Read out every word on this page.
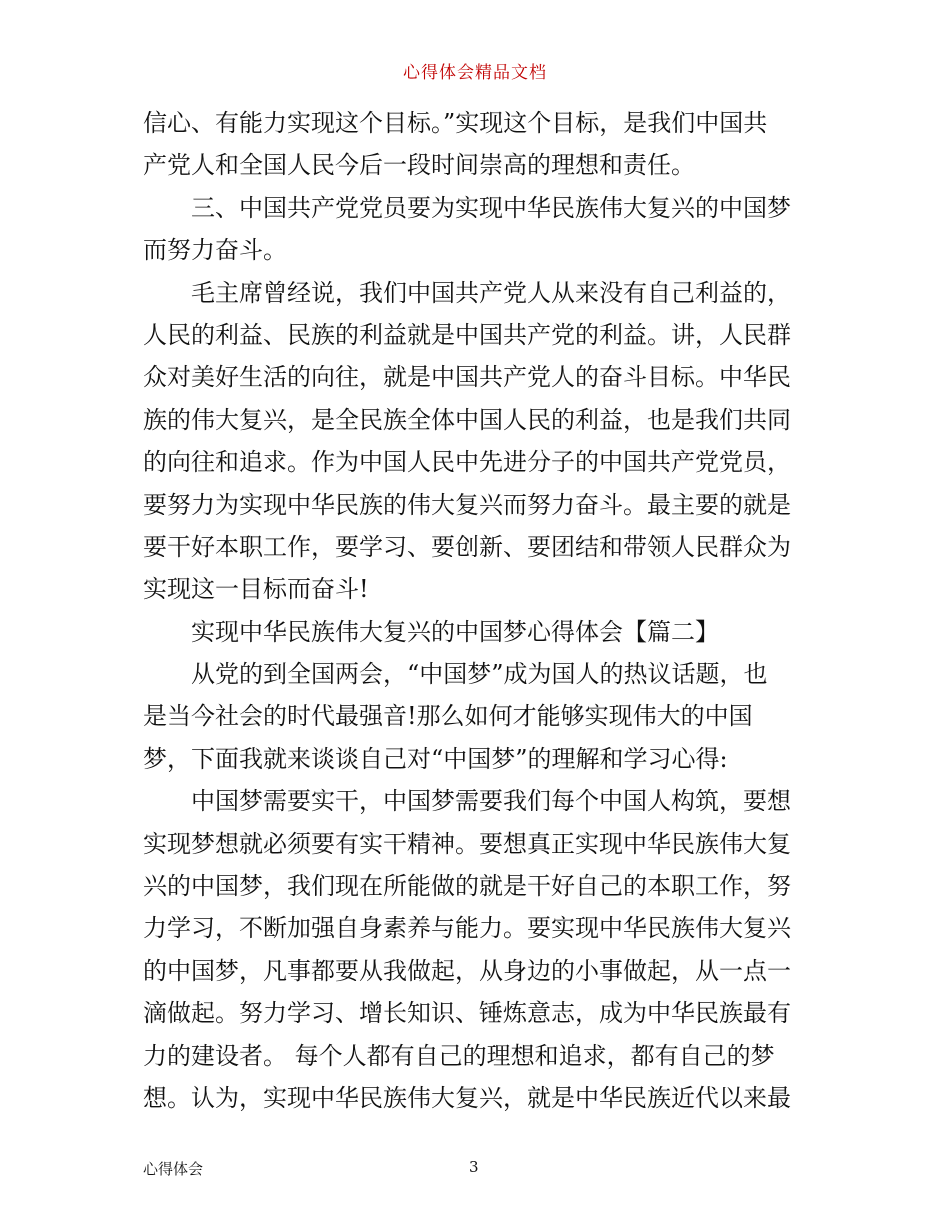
心得体会精品文档
信心、有能力实现这个目标。”实现这个目标，是我们中国共
产党人和全国人民今后一段时间崇高的理想和责任。
三、中国共产党党员要为实现中华民族伟大复兴的中国梦
而努力奋斗。
毛主席曾经说，我们中国共产党人从来没有自己利益的，
人民的利益、民族的利益就是中国共产党的利益。讲，人民群
众对美好生活的向往，就是中国共产党人的奋斗目标。中华民
族的伟大复兴，是全民族全体中国人民的利益，也是我们共同
的向往和追求。作为中国人民中先进分子的中国共产党党员，
要努力为实现中华民族的伟大复兴而努力奋斗。最主要的就是
要干好本职工作，要学习、要创新、要团结和带领人民群众为
实现这一目标而奋斗!
实现中华民族伟大复兴的中国梦心得体会【篇二】
从党的到全国两会，“中国梦”成为国人的热议话题，也
是当今社会的时代最强音!那么如何才能够实现伟大的中国
梦，下面我就来谈谈自己对“中国梦”的理解和学习心得:
中国梦需要实干，中国梦需要我们每个中国人构筑，要想
实现梦想就必须要有实干精神。要想真正实现中华民族伟大复
兴的中国梦，我们现在所能做的就是干好自己的本职工作，努
力学习，不断加强自身素养与能力。要实现中华民族伟大复兴
的中国梦，凡事都要从我做起，从身边的小事做起，从一点一
滴做起。努力学习、增长知识、锤炼意志，成为中华民族最有
力的建设者。 每个人都有自己的理想和追求，都有自己的梦
想。认为，实现中华民族伟大复兴，就是中华民族近代以来最
心得体会	3
